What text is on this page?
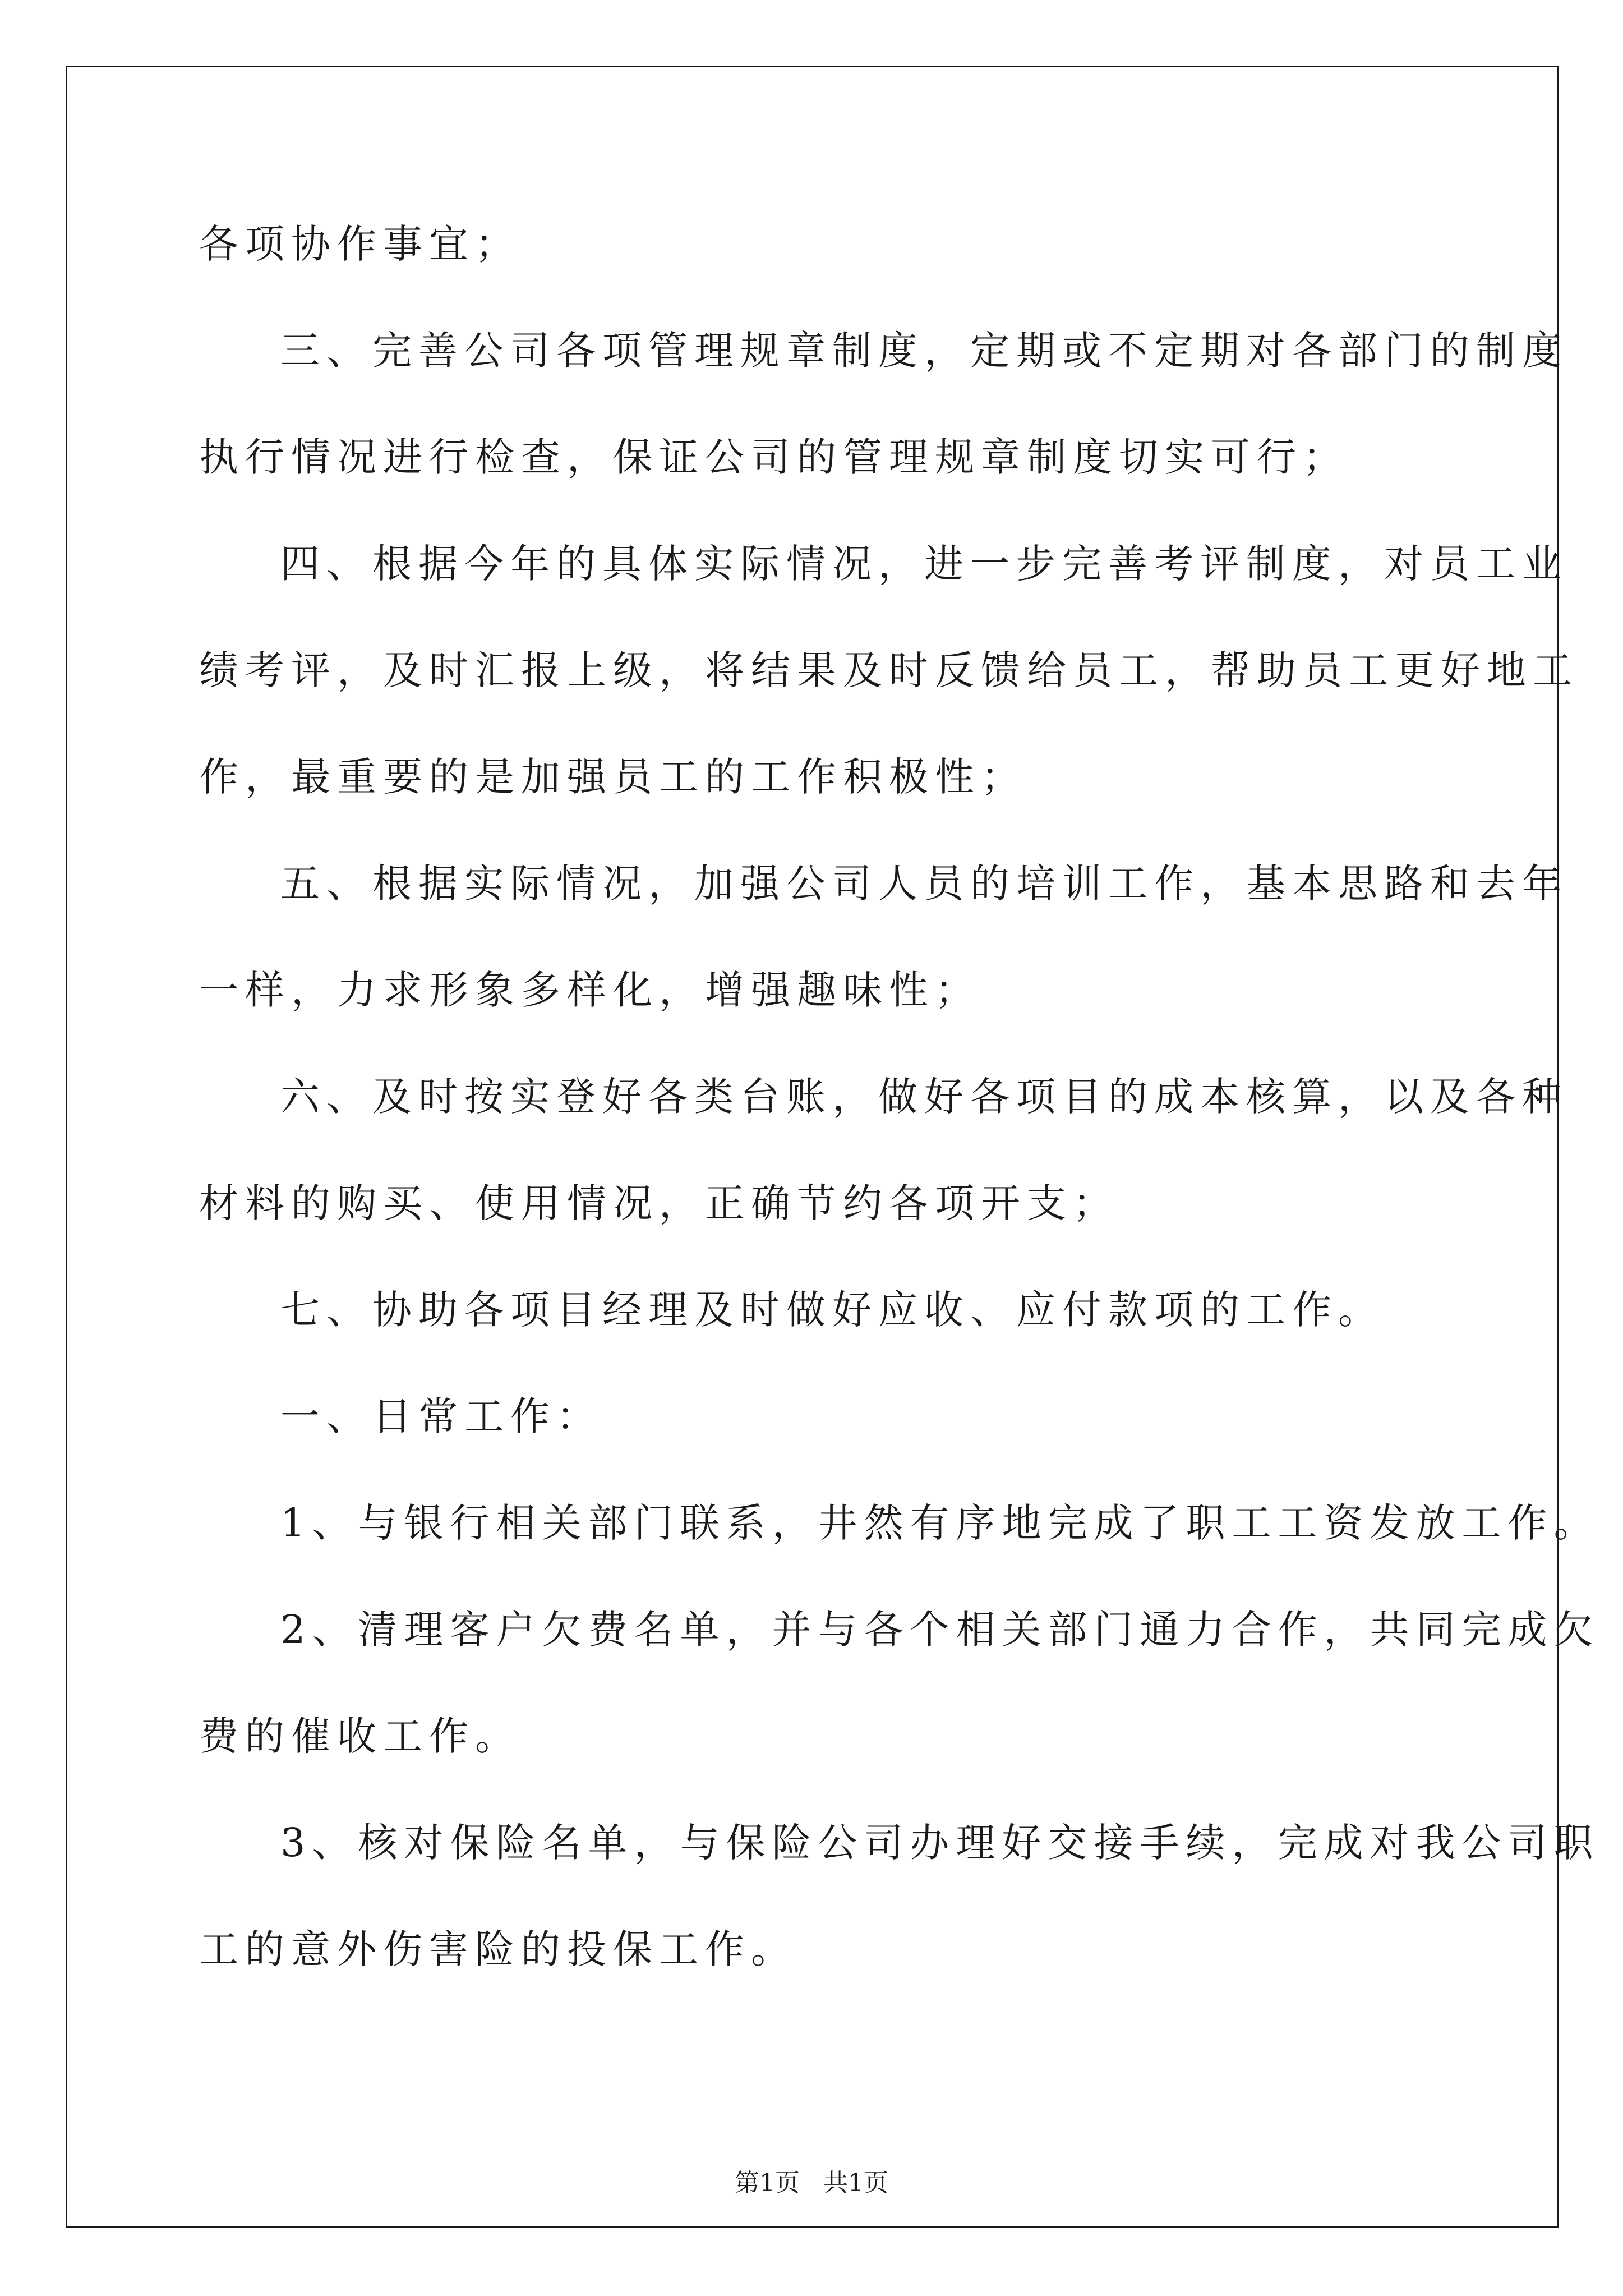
各项协作事宜；

三、完善公司各项管理规章制度，定期或不定期对各部门的制度

执行情况进行检查，保证公司的管理规章制度切实可行；

四、根据今年的具体实际情况，进一步完善考评制度，对员工业

绩考评，及时汇报上级，将结果及时反馈给员工，帮助员工更好地工

作，最重要的是加强员工的工作积极性；

五、根据实际情况，加强公司人员的培训工作，基本思路和去年

一样，力求形象多样化，增强趣味性；

六、及时按实登好各类台账，做好各项目的成本核算，以及各种

材料的购买、使用情况，正确节约各项开支；

七、协助各项目经理及时做好应收、应付款项的工作。

一、日常工作：

1、与银行相关部门联系，井然有序地完成了职工工资发放工作。

2、清理客户欠费名单，并与各个相关部门通力合作，共同完成欠

费的催收工作。

3、核对保险名单，与保险公司办理好交接手续，完成对我公司职

工的意外伤害险的投保工作。

第1页   共1页
